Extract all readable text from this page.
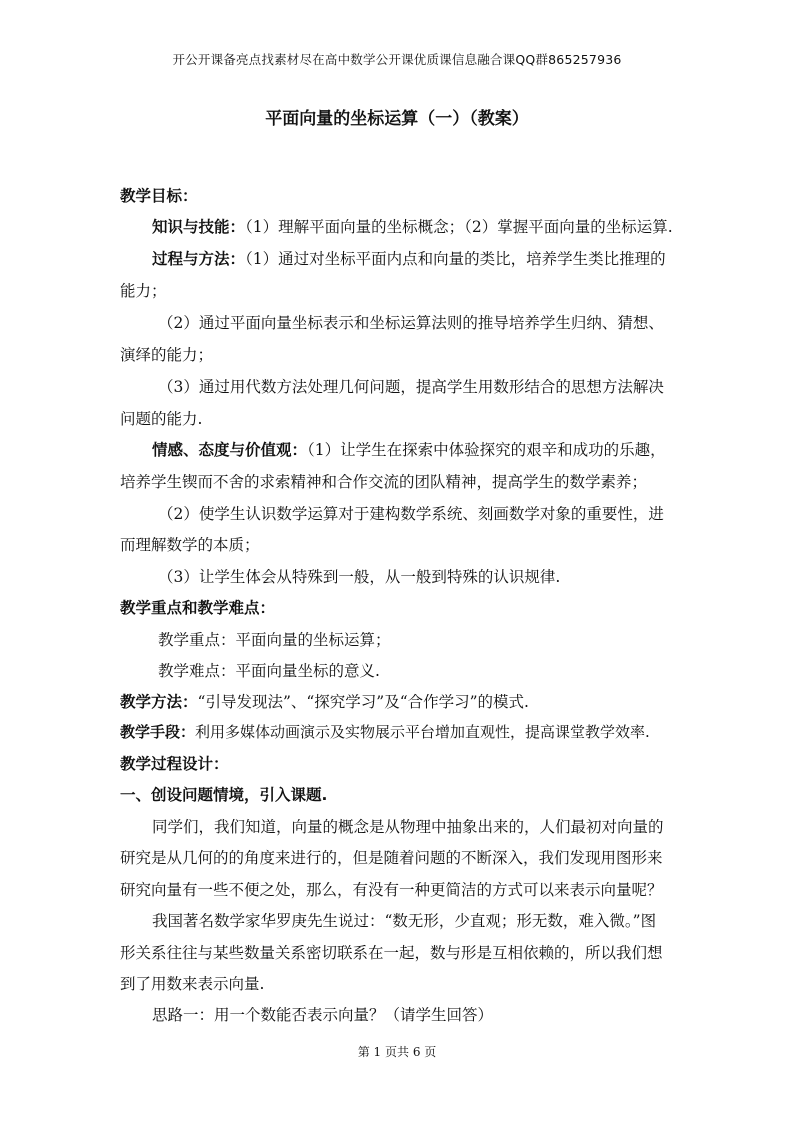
开公开课备亮点找素材尽在高中数学公开课优质课信息融合课QQ群865257936
平面向量的坐标运算（一）（教案）
教学目标：
知识与技能：（1）理解平面向量的坐标概念；（2）掌握平面向量的坐标运算.
过程与方法：（1）通过对坐标平面内点和向量的类比，培养学生类比推理的
能力；
（2）通过平面向量坐标表示和坐标运算法则的推导培养学生归纳、猜想、
演绎的能力；
（3）通过用代数方法处理几何问题，提高学生用数形结合的思想方法解决
问题的能力.
情感、态度与价值观：（1）让学生在探索中体验探究的艰辛和成功的乐趣，
培养学生锲而不舍的求索精神和合作交流的团队精神，提高学生的数学素养；
（2）使学生认识数学运算对于建构数学系统、刻画数学对象的重要性，进
而理解数学的本质；
（3）让学生体会从特殊到一般，从一般到特殊的认识规律.
教学重点和教学难点：
教学重点：平面向量的坐标运算；
教学难点：平面向量坐标的意义.
教学方法：“引导发现法”、“探究学习”及“合作学习”的模式.
教学手段：利用多媒体动画演示及实物展示平台增加直观性，提高课堂教学效率.
教学过程设计：
一、创设问题情境，引入课题.
同学们，我们知道，向量的概念是从物理中抽象出来的，人们最初对向量的
研究是从几何的的角度来进行的，但是随着问题的不断深入，我们发现用图形来
研究向量有一些不便之处，那么，有没有一种更简洁的方式可以来表示向量呢？
我国著名数学家华罗庚先生说过：“数无形，少直观；形无数，难入微。”图
形关系往往与某些数量关系密切联系在一起，数与形是互相依赖的，所以我们想
到了用数来表示向量.
思路一：用一个数能否表示向量？（请学生回答）
第 1 页共 6 页
